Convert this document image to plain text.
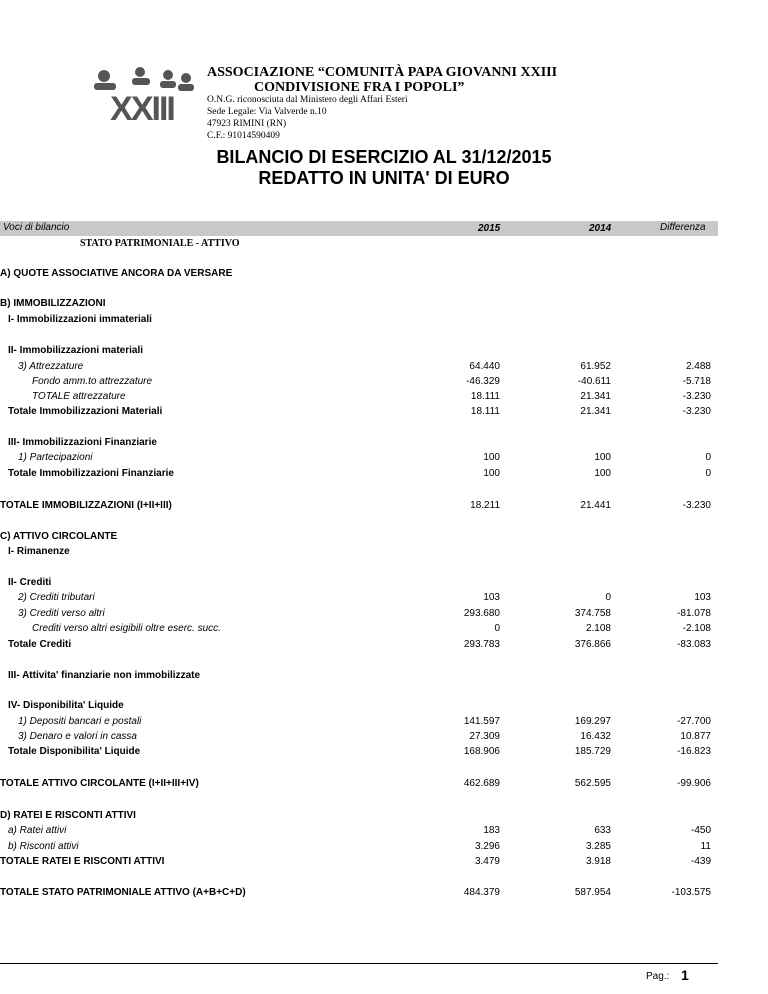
XXIII
ASSOCIAZIONE “COMUNITÀ PAPA GIOVANNI XXIII
CONDIVISIONE FRA I POPOLI”
O.N.G. riconosciuta dal Ministero degli Affari Esteri
Sede Legale: Via Valverde n.10
47923 RIMINI (RN)
C.F.: 91014590409
BILANCIO DI ESERCIZIO AL 31/12/2015
REDATTO IN UNITA' DI EURO
Voci di bilancio	2015	2014	Differenza
STATO PATRIMONIALE - ATTIVO
A) QUOTE ASSOCIATIVE ANCORA DA VERSARE
B) IMMOBILIZZAZIONI
I- Immobilizzazioni immateriali
II- Immobilizzazioni materiali
3) Attrezzature	64.440	61.952	2.488
Fondo amm.to attrezzature	-46.329	-40.611	-5.718
TOTALE attrezzature	18.111	21.341	-3.230
Totale Immobilizzazioni Materiali	18.111	21.341	-3.230
III- Immobilizzazioni Finanziarie
1) Partecipazioni	100	100	0
Totale Immobilizzazioni Finanziarie	100	100	0
TOTALE IMMOBILIZZAZIONI (I+II+III)	18.211	21.441	-3.230
C) ATTIVO CIRCOLANTE
I- Rimanenze
II- Crediti
2) Crediti tributari	103	0	103
3) Crediti verso altri	293.680	374.758	-81.078
Crediti verso altri esigibili oltre eserc. succ.	0	2.108	-2.108
Totale Crediti	293.783	376.866	-83.083
III- Attivita' finanziarie non immobilizzate
IV- Disponibilita' Liquide
1) Depositi bancari e postali	141.597	169.297	-27.700
3) Denaro e valori in cassa	27.309	16.432	10.877
Totale Disponibilita' Liquide	168.906	185.729	-16.823
TOTALE ATTIVO CIRCOLANTE (I+II+III+IV)	462.689	562.595	-99.906
D) RATEI E RISCONTI ATTIVI
a) Ratei attivi	183	633	-450
b) Risconti attivi	3.296	3.285	11
TOTALE RATEI E RISCONTI ATTIVI	3.479	3.918	-439
TOTALE STATO PATRIMONIALE ATTIVO (A+B+C+D)	484.379	587.954	-103.575
Pag.: 1
